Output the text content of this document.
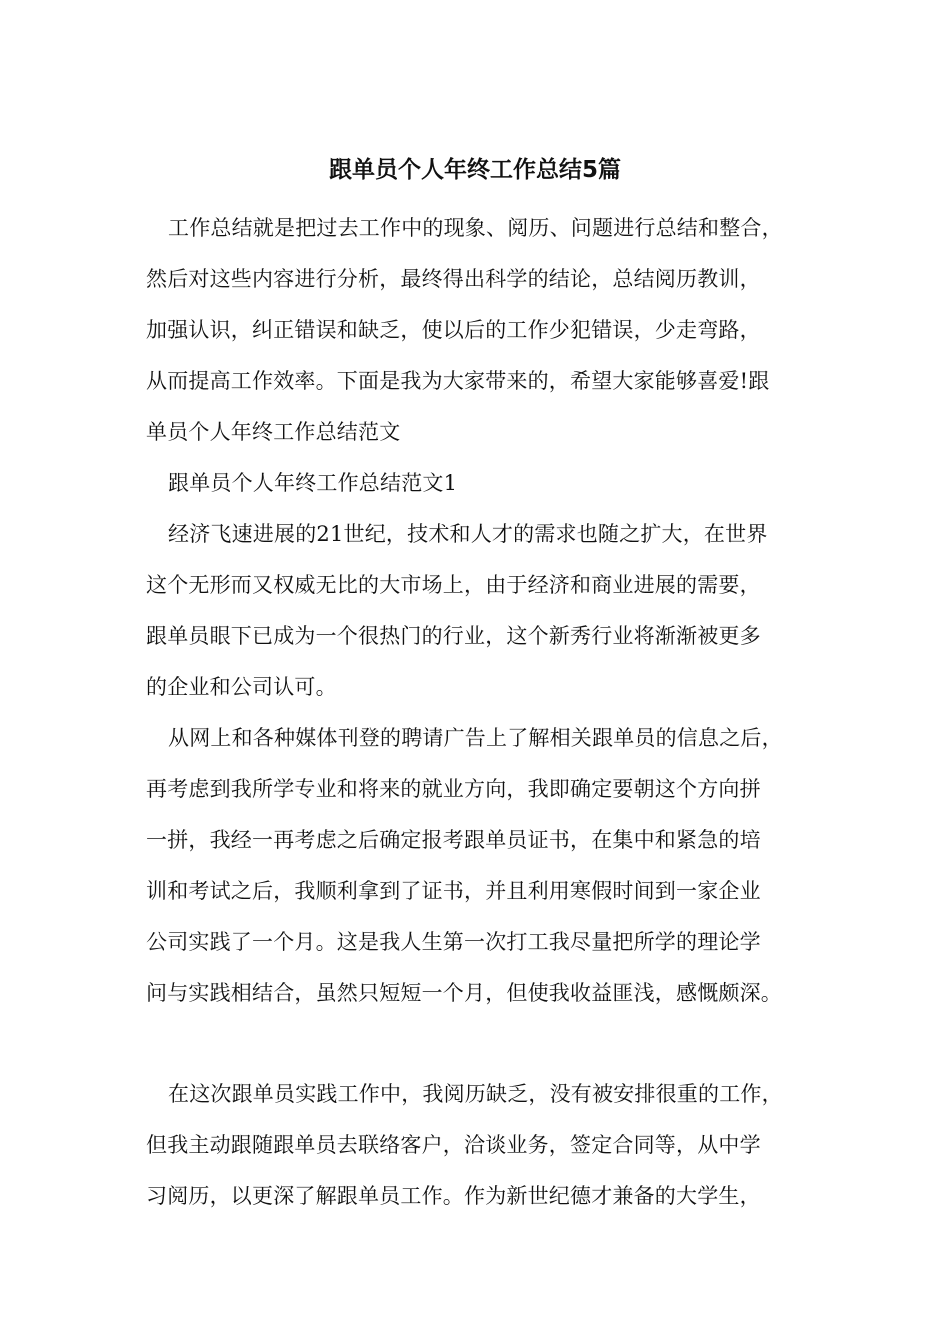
跟单员个人年终工作总结5篇
工作总结就是把过去工作中的现象、阅历、问题进行总结和整合，
然后对这些内容进行分析，最终得出科学的结论，总结阅历教训，
加强认识，纠正错误和缺乏，使以后的工作少犯错误，少走弯路，
从而提高工作效率。下面是我为大家带来的，希望大家能够喜爱!跟
单员个人年终工作总结范文
跟单员个人年终工作总结范文1
经济飞速进展的21世纪，技术和人才的需求也随之扩大，在世界
这个无形而又权威无比的大市场上，由于经济和商业进展的需要，
跟单员眼下已成为一个很热门的行业，这个新秀行业将渐渐被更多
的企业和公司认可。
从网上和各种媒体刊登的聘请广告上了解相关跟单员的信息之后，
再考虑到我所学专业和将来的就业方向，我即确定要朝这个方向拼
一拼，我经一再考虑之后确定报考跟单员证书，在集中和紧急的培
训和考试之后，我顺利拿到了证书，并且利用寒假时间到一家企业
公司实践了一个月。这是我人生第一次打工我尽量把所学的理论学
问与实践相结合，虽然只短短一个月，但使我收益匪浅，感慨颇深。
在这次跟单员实践工作中，我阅历缺乏，没有被安排很重的工作，
但我主动跟随跟单员去联络客户，洽谈业务，签定合同等，从中学
习阅历，以更深了解跟单员工作。作为新世纪德才兼备的大学生，
